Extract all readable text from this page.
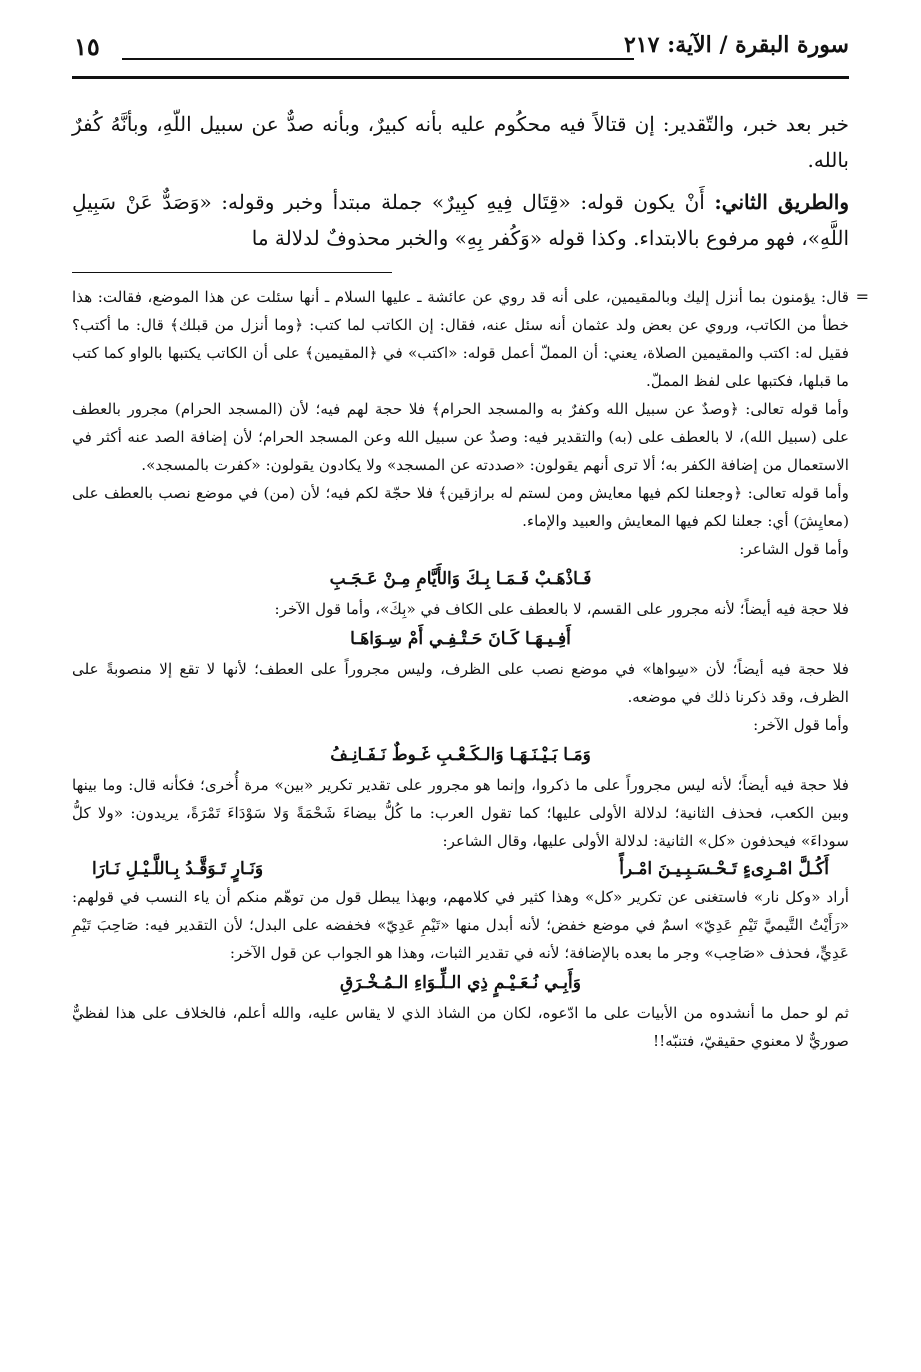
سورة البقرة / الآية: ٢١٧
١٥

خبر بعد خبر، والتّقدير: إن قتالاً فيه محكُوم عليه بأنه كبيرٌ، وبأنه صدٌّ عن سبيل اللّهِ، وبأنَّهُ كُفرٌ بالله.

والطريق الثاني: أَنْ يكون قوله: «قِتَال فِيهِ كبِيرٌ» جملة مبتدأ وخبر وقوله: «وَصَدٌّ عَنْ سَبِيلِ اللَّهِ»، فهو مرفوع بالابتداء. وكذا قوله «وَكُفر بِهِ» والخبر محذوفٌ لدلالة ما

=

قال: يؤمنون بما أنزل إليك وبالمقيمين، على أنه قد روي عن عائشة ـ عليها السلام ـ أنها سئلت عن هذا الموضع، فقالت: هذا خطأ من الكاتب، وروي عن بعض ولد عثمان أنه سئل عنه، فقال: إن الكاتب لما كتب: ﴿وما أنزل من قبلك﴾ قال: ما أكتب؟ فقيل له: اكتب والمقيمين الصلاة، يعني: أن المملّ أعمل قوله: «اكتب» في ﴿المقيمين﴾ على أن الكاتب يكتبها بالواو كما كتب ما قبلها، فكتبها على لفظ المملّ.

وأما قوله تعالى: ﴿وصدٌ عن سبيل الله وكفرٌ به والمسجد الحرام﴾ فلا حجة لهم فيه؛ لأن (المسجد الحرام) مجرور بالعطف على (سبيل الله)، لا بالعطف على (به) والتقدير فيه: وصدٌ عن سبيل الله وعن المسجد الحرام؛ لأن إضافة الصد عنه أكثر في الاستعمال من إضافة الكفر به؛ ألا ترى أنهم يقولون: «صددته عن المسجد» ولا يكادون يقولون: «كفرت بالمسجد».

وأما قوله تعالى: ﴿وجعلنا لكم فيها معايش ومن لستم له برازقين﴾ فلا حجّة لكم فيه؛ لأن (من) في موضع نصب بالعطف على (معايِشَ) أي: جعلنا لكم فيها المعايش والعبيد والإماء.

وأما قول الشاعر:

فَـاذْهَـبْ فَـمَـا بِـكَ وَالأَيَّامِ مِـنْ عَـجَـبِ

فلا حجة فيه أيضاً؛ لأنه مجرور على القسم، لا بالعطف على الكاف في «بِكَ»، وأما قول الآخر:

أَفِـيـهَـا كَـانَ حَـتْـفِـي أَمْ سِـوَاهَـا

فلا حجة فيه أيضاً؛ لأن «سِواها» في موضع نصب على الظرف، وليس مجروراً على العطف؛ لأنها لا تقع إلا منصوبةً على الظرف، وقد ذكرنا ذلك في موضعه.

وأما قول الآخر:

وَمَـا بَـيْـنَـهَـا وَالـكَـعْـبِ غَـوطٌ نَـفَـانِـفُ

فلا حجة فيه أيضاً؛ لأنه ليس مجروراً على ما ذكروا، وإنما هو مجرور على تقدير تكرير «بين» مرة أُخرى؛ فكأنه قال: وما بينها وبين الكعب، فحذف الثانية؛ لدلالة الأولى عليها؛ كما تقول العرب: ما كُلُّ بيضاءَ شَحْمَةً وَلا سَوْدَاءَ تَمْرَةً، يريدون: «ولا كلُّ سوداءَ» فيحذفون «كل» الثانية: لدلالة الأولى عليها، وقال الشاعر:

أَكُـلَّ امْـرِىءٍ تَـحْـسَـبِـيـنَ امْـرأً
وَنَـارٍ تَـوَقَّـدُ بِـاللَّـيْـلِ نَـارَا

أراد «وكل نار» فاستغنى عن تكرير «كل» وهذا كثير في كلامهم، وبهذا يبطل قول من توهّم منكم أن ياء النسب في قولهم: «رَأَيْتُ التَّيميَّ تَيْمِ عَدِيّ» اسمٌ في موضع خفض؛ لأنه أبدل منها «تَيْمِ عَدِيّ» فخفضه على البدل؛ لأن التقدير فيه: صَاحِبَ تَيْمِ عَدِيٍّ، فحذف «صَاحِب» وجر ما بعده بالإضافة؛ لأنه في تقدير الثبات، وهذا هو الجواب عن قول الآخر:

وَأَبِـي نُـعَـيْـمٍ ذِي الـلِّـوَاءِ الـمُـخْـرَقِ

ثم لو حمل ما أنشدوه من الأبيات على ما ادّعوه، لكان من الشاذ الذي لا يقاس عليه، والله أعلم، فالخلاف على هذا لفظيٌّ صوريٌّ لا معنوي حقيقيّ، فتنبّه!!
